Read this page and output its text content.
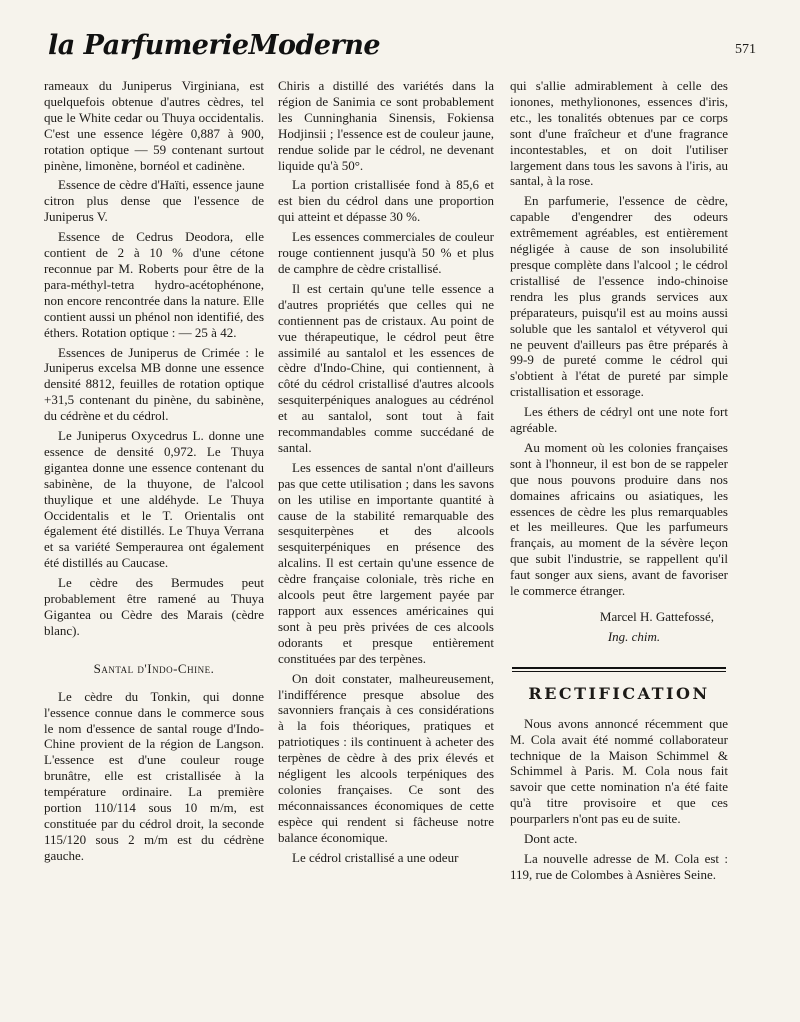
la ParfumerieModerne	571

rameaux du Juniperus Virginiana, est quelquefois obtenue d'autres cèdres, tel que le White cedar ou Thuya occidentalis. C'est une essence légère 0,887 à 900, rotation optique — 59 contenant surtout pinène, limonène, bornéol et cadinène.

Essence de cèdre d'Haïti, essence jaune citron plus dense que l'essence de Juniperus V.

Essence de Cedrus Deodora, elle contient de 2 à 10 % d'une cétone reconnue par M. Roberts pour être de la para-méthyl-tetra hydro-acétophénone, non encore rencontrée dans la nature. Elle contient aussi un phénol non identifié, des éthers. Rotation optique : — 25 à 42.

Essences de Juniperus de Crimée : le Juniperus excelsa MB donne une essence densité 8812, feuilles de rotation optique +31,5 contenant du pinène, du sabinène, du cédrène et du cédrol.

Le Juniperus Oxycedrus L. donne une essence de densité 0,972. Le Thuya gigantea donne une essence contenant du sabinène, de la thuyone, de l'alcool thuylique et une aldéhyde. Le Thuya Occidentalis et le T. Orientalis ont également été distillés. Le Thuya Verrana et sa variété Semperaurea ont également été distillés au Caucase.

Le cèdre des Bermudes peut probablement être ramené au Thuya Gigantea ou Cèdre des Marais (cèdre blanc).

Santal d'Indo-Chine.

Le cèdre du Tonkin, qui donne l'essence connue dans le commerce sous le nom d'essence de santal rouge d'Indo-Chine provient de la région de Langson. L'essence est d'une couleur rouge brunâtre, elle est cristallisée à la température ordinaire. La première portion 110/114 sous 10 m/m, est constituée par du cédrol droit, la seconde 115/120 sous 2 m/m est du cédrène gauche.

Chiris a distillé des variétés dans la région de Sanimia ce sont probablement les Cunninghania Sinensis, Fokiensa Hodjinsii ; l'essence est de couleur jaune, rendue solide par le cédrol, ne devenant liquide qu'à 50°.

La portion cristallisée fond à 85,6 et est bien du cédrol dans une proportion qui atteint et dépasse 30 %.

Les essences commerciales de couleur rouge contiennent jusqu'à 50 % et plus de camphre de cèdre cristallisé.

Il est certain qu'une telle essence a d'autres propriétés que celles qui ne contiennent pas de cristaux. Au point de vue thérapeutique, le cédrol peut être assimilé au santalol et les essences de cèdre d'Indo-Chine, qui contiennent, à côté du cédrol cristallisé d'autres alcools sesquiterpéniques analogues au cédrénol et au santalol, sont tout à fait recommandables comme succédané de santal.

Les essences de santal n'ont d'ailleurs pas que cette utilisation ; dans les savons on les utilise en importante quantité à cause de la stabilité remarquable des sesquiterpènes et des alcools sesquiterpéniques en présence des alcalins. Il est certain qu'une essence de cèdre française coloniale, très riche en alcools peut être largement payée par rapport aux essences américaines qui sont à peu près privées de ces alcools odorants et presque entièrement constituées par des terpènes.

On doit constater, malheureusement, l'indifférence presque absolue des savonniers français à ces considérations à la fois théoriques, pratiques et patriotiques : ils continuent à acheter des terpènes de cèdre à des prix élevés et négligent les alcools terpéniques des colonies françaises. Ce sont des méconnaissances économiques de cette espèce qui rendent si fâcheuse notre balance économique.

Le cédrol cristallisé a une odeur

qui s'allie admirablement à celle des ionones, methylionones, essences d'iris, etc., les tonalités obtenues par ce corps sont d'une fraîcheur et d'une fragrance incontestables, et on doit l'utiliser largement dans tous les savons à l'iris, au santal, à la rose.

En parfumerie, l'essence de cèdre, capable d'engendrer des odeurs extrêmement agréables, est entièrement négligée à cause de son insolubilité presque complète dans l'alcool ; le cédrol cristallisé de l'essence indo-chinoise rendra les plus grands services aux préparateurs, puisqu'il est au moins aussi soluble que les santalol et vétyverol qui ne peuvent d'ailleurs pas être préparés à 99-9 de pureté comme le cédrol qui s'obtient à l'état de pureté par simple cristallisation et essorage.

Les éthers de cédryl ont une note fort agréable.

Au moment où les colonies françaises sont à l'honneur, il est bon de se rappeler que nous pouvons produire dans nos domaines africains ou asiatiques, les essences de cèdre les plus remarquables et les meilleures. Que les parfumeurs français, au moment de la sévère leçon que subit l'industrie, se rappellent qu'il faut songer aux siens, avant de favoriser le commerce étranger.

Marcel H. Gattefossé,
Ing. chim.
RECTIFICATION

Nous avons annoncé récemment que M. Cola avait été nommé collaborateur technique de la Maison Schimmel & Schimmel à Paris. M. Cola nous fait savoir que cette nomination n'a été faite qu'à titre provisoire et que ces pourparlers n'ont pas eu de suite.

Dont acte.

La nouvelle adresse de M. Cola est : 119, rue de Colombes à Asnières Seine.
